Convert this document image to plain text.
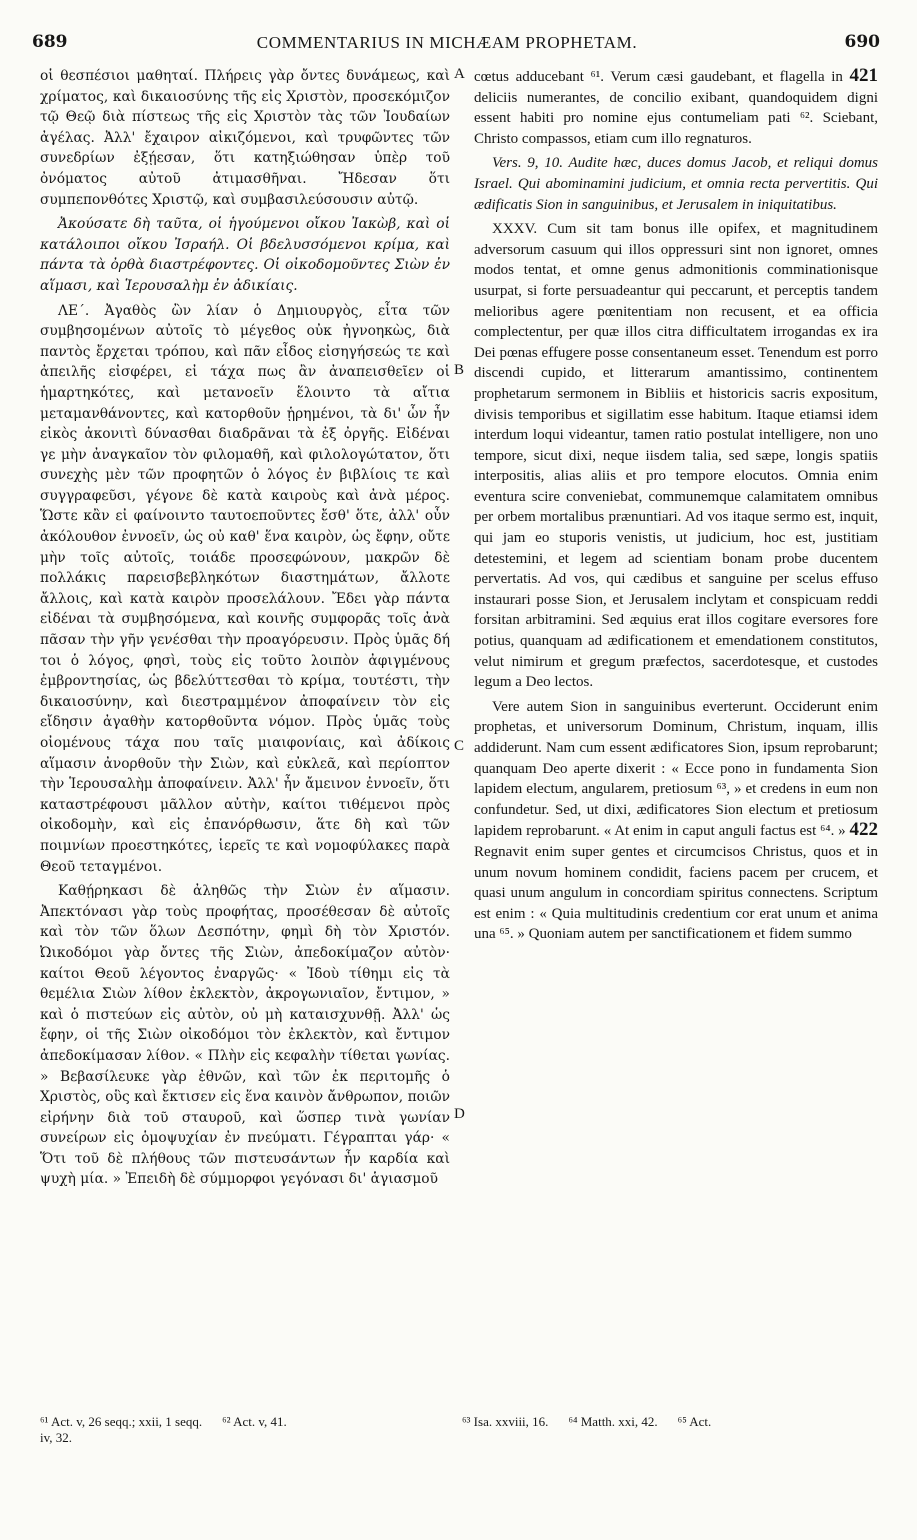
689	COMMENTARIUS IN MICHÆAM PROPHETAM.	690
A
B
C
D

οἱ θεσπέσιοι μαθηταί. Πλήρεις γὰρ ὄντες δυνάμεως, καὶ χρίματος, καὶ δικαιοσύνης τῆς εἰς Χριστὸν, προσεκόμιζον τῷ Θεῷ διὰ πίστεως τῆς εἰς Χριστὸν τὰς τῶν Ἰουδαίων ἀγέλας. Ἀλλ' ἔχαιρον αἰκιζόμενοι, καὶ τρυφῶντες τῶν συνεδρίων ἐξῄεσαν, ὅτι κατηξιώθησαν ὑπὲρ τοῦ ὀνόματος αὐτοῦ ἀτιμασθῆναι. Ἤδεσαν ὅτι συμπεπονθότες Χριστῷ, καὶ συμβασιλεύσουσιν αὐτῷ.

Ἀκούσατε δὴ ταῦτα, οἱ ἡγούμενοι οἴκου Ἰακὼβ, καὶ οἱ κατάλοιποι οἴκου Ἰσραήλ. Οἱ βδελυσσόμενοι κρίμα, καὶ πάντα τὰ ὀρθὰ διαστρέφοντες. Οἱ οἰκοδομοῦντες Σιὼν ἐν αἵμασι, καὶ Ἱερουσαλὴμ ἐν ἀδικίαις.

ΛΕ΄. Ἀγαθὸς ὢν λίαν ὁ Δημιουργὸς, εἶτα τῶν συμβησομένων αὐτοῖς τὸ μέγεθος οὐκ ἠγνοηκὼς, διὰ παντὸς ἔρχεται τρόπου, καὶ πᾶν εἶδος εἰσηγήσεώς τε καὶ ἀπειλῆς εἰσφέρει, εἰ τάχα πως ἂν ἀναπεισθεῖεν οἱ ἡμαρτηκότες, καὶ μετανοεῖν ἕλοιντο τὰ αἴτια μεταμανθάνοντες, καὶ κατορθοῦν ᾑρημένοι, τὰ δι' ὧν ἦν εἰκὸς ἀκονιτὶ δύνασθαι διαδρᾶναι τὰ ἐξ ὀργῆς. Εἰδέναι γε μὴν ἀναγκαῖον τὸν φιλομαθῆ, καὶ φιλολογώτατον, ὅτι συνεχὴς μὲν τῶν προφητῶν ὁ λόγος ἐν βιβλίοις τε καὶ συγγραφεῦσι, γέγονε δὲ κατὰ καιροὺς καὶ ἀνὰ μέρος. Ὥστε κἂν εἰ φαίνοιντο ταυτοεποῦντες ἔσθ' ὅτε, ἀλλ' οὖν ἀκόλουθον ἐννοεῖν, ὡς οὐ καθ' ἕνα καιρὸν, ὡς ἔφην, οὔτε μὴν τοῖς αὐτοῖς, τοιάδε προσεφώνουν, μακρῶν δὲ πολλάκις παρεισβεβληκότων διαστημάτων, ἄλλοτε ἄλλοις, καὶ κατὰ καιρὸν προσελάλουν. Ἔδει γὰρ πάντα εἰδέναι τὰ συμβησόμενα, καὶ κοινῆς συμφορᾶς τοῖς ἀνὰ πᾶσαν τὴν γῆν γενέσθαι τὴν προαγόρευσιν. Πρὸς ὑμᾶς δή τοι ὁ λόγος, φησὶ, τοὺς εἰς τοῦτο λοιπὸν ἀφιγμένους ἐμβροντησίας, ὡς βδελύττεσθαι τὸ κρίμα, τουτέστι, τὴν δικαιοσύνην, καὶ διεστραμμένον ἀποφαίνειν τὸν εἰς εἴδησιν ἀγαθὴν κατορθοῦντα νόμον. Πρὸς ὑμᾶς τοὺς οἰομένους τάχα που ταῖς μιαιφονίαις, καὶ ἀδίκοις αἵμασιν ἀνορθοῦν τὴν Σιὼν, καὶ εὐκλεᾶ, καὶ περίοπτον τὴν Ἱερουσαλὴμ ἀποφαίνειν. Ἀλλ' ἦν ἄμεινον ἐννοεῖν, ὅτι καταστρέφουσι μᾶλλον αὐτὴν, καίτοι τιθέμενοι πρὸς οἰκοδομὴν, καὶ εἰς ἐπανόρθωσιν, ἅτε δὴ καὶ τῶν ποιμνίων προεστηκότες, ἱερεῖς τε καὶ νομοφύλακες παρὰ Θεοῦ τεταγμένοι.

Καθῄρηκασι δὲ ἀληθῶς τὴν Σιὼν ἐν αἵμασιν. Ἀπεκτόνασι γὰρ τοὺς προφήτας, προσέθεσαν δὲ αὐτοῖς καὶ τὸν τῶν ὅλων Δεσπότην, φημὶ δὴ τὸν Χριστόν. Ὠικοδόμοι γὰρ ὄντες τῆς Σιὼν, ἀπεδοκίμαζον αὐτὸν· καίτοι Θεοῦ λέγοντος ἐναργῶς· « Ἰδοὺ τίθημι εἰς τὰ θεμέλια Σιὼν λίθον ἐκλεκτὸν, ἀκρογωνιαῖον, ἔντιμον, » καὶ ὁ πιστεύων εἰς αὐτὸν, οὐ μὴ καταισχυνθῇ. Ἀλλ' ὡς ἔφην, οἱ τῆς Σιὼν οἰκοδόμοι τὸν ἐκλεκτὸν, καὶ ἔντιμον ἀπεδοκίμασαν λίθον. « Πλὴν εἰς κεφαλὴν τίθεται γωνίας. » Βεβασίλευκε γὰρ ἐθνῶν, καὶ τῶν ἐκ περιτομῆς ὁ Χριστὸς, οὓς καὶ ἔκτισεν εἰς ἕνα καινὸν ἄνθρωπον, ποιῶν εἰρήνην διὰ τοῦ σταυροῦ, καὶ ὥσπερ τινὰ γωνίαν συνείρων εἰς ὁμοψυχίαν ἐν πνεύματι. Γέγραπται γάρ· « Ὅτι τοῦ δὲ πλήθους τῶν πιστευσάντων ἦν καρδία καὶ ψυχὴ μία. » Ἐπειδὴ δὲ σύμμορφοι γεγόνασι δι' ἁγιασμοῦ

cœtus adducebant ⁶¹. Verum cæsi gaudebant, et flagella in 421 deliciis numerantes, de concilio exibant, quandoquidem digni essent habiti pro nomine ejus contumeliam pati ⁶². Sciebant, Christo compassos, etiam cum illo regnaturos.

Vers. 9, 10. Audite hæc, duces domus Jacob, et reliqui domus Israel. Qui abominamini judicium, et omnia recta pervertitis. Qui ædificatis Sion in sanguinibus, et Jerusalem in iniquitatibus.

XXXV. Cum sit tam bonus ille opifex, et magnitudinem adversorum casuum qui illos oppressuri sint non ignoret, omnes modos tentat, et omne genus admonitionis comminationisque usurpat, si forte persuadeantur qui peccarunt, et perceptis tandem melioribus agere pœnitentiam non recusent, et ea officia complectentur, per quæ illos citra difficultatem irrogandas ex ira Dei pœnas effugere posse consentaneum esset. Tenendum est porro discendi cupido, et litterarum amantissimo, continentem prophetarum sermonem in Bibliis et historicis sacris expositum, divisis temporibus et sigillatim esse habitum. Itaque etiamsi idem interdum loqui videantur, tamen ratio postulat intelligere, non uno tempore, sicut dixi, neque iisdem talia, sed sæpe, longis spatiis interpositis, alias aliis et pro tempore elocutos. Omnia enim eventura scire conveniebat, communemque calamitatem omnibus per orbem mortalibus prænuntiari. Ad vos itaque sermo est, inquit, qui jam eo stuporis venistis, ut judicium, hoc est, justitiam detestemini, et legem ad scientiam bonam probe ducentem pervertatis. Ad vos, qui cædibus et sanguine per scelus effuso instaurari posse Sion, et Jerusalem inclytam et conspicuam reddi forsitan arbitramini. Sed æquius erat illos cogitare eversores fore potius, quanquam ad ædificationem et emendationem constitutos, velut nimirum et gregum præfectos, sacerdotesque, et custodes legum a Deo lectos.

Vere autem Sion in sanguinibus everterunt. Occiderunt enim prophetas, et universorum Dominum, Christum, inquam, illis addiderunt. Nam cum essent ædificatores Sion, ipsum reprobarunt; quanquam Deo aperte dixerit : « Ecce pono in fundamenta Sion lapidem electum, angularem, pretiosum ⁶³, » et credens in eum non confundetur. Sed, ut dixi, ædificatores Sion electum et pretiosum lapidem reprobarunt. « At enim in caput anguli factus est ⁶⁴. » 422 Regnavit enim super gentes et circumcisos Christus, quos et in unum novum hominem condidit, faciens pacem per crucem, et quasi unum angulum in concordiam spiritus connectens. Scriptum est enim : « Quia multitudinis credentium cor erat unum et anima una ⁶⁵. » Quoniam autem per sanctificationem et fidem summo

⁶¹ Act. v, 26 seqq.; xxii, 1 seqq. ⁶² Act. v, 41.
iv, 32.
⁶³ Isa. xxviii, 16. ⁶⁴ Matth. xxi, 42. ⁶⁵ Act.
